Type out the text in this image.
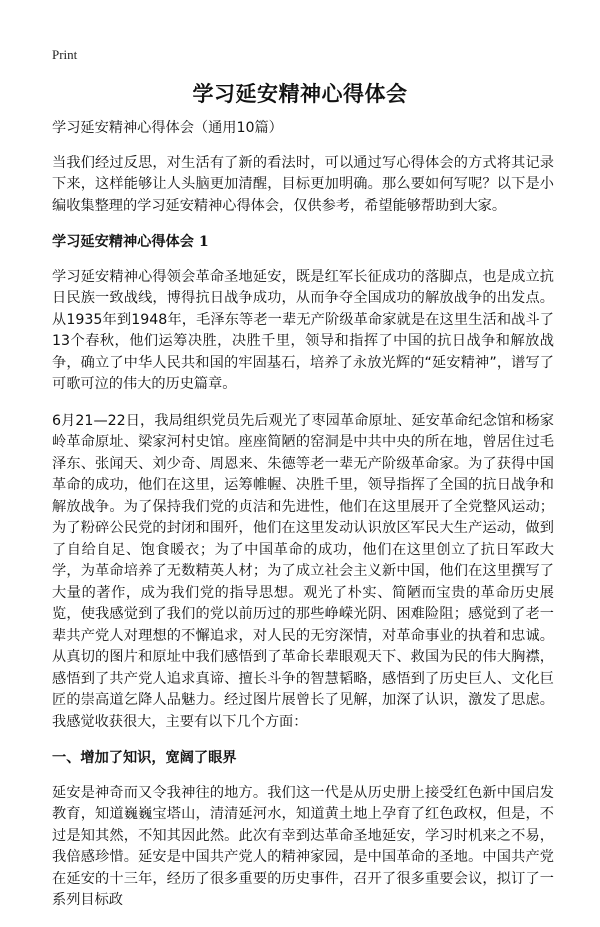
Print
学习延安精神心得体会

学习延安精神心得体会（通用10篇）

当我们经过反思，对生活有了新的看法时，可以通过写心得体会的方式将其记录下来，这样能够让人头脑更加清醒，目标更加明确。那么要如何写呢？以下是小编收集整理的学习延安精神心得体会，仅供参考，希望能够帮助到大家。

学习延安精神心得体会 1

学习延安精神心得领会革命圣地延安，既是红军长征成功的落脚点，也是成立抗日民族一致战线，博得抗日战争成功，从而争夺全国成功的解放战争的出发点。从1935年到1948年，毛泽东等老一辈无产阶级革命家就是在这里生活和战斗了13个春秋，他们运筹决胜，决胜千里，领导和指挥了中国的抗日战争和解放战争，确立了中华人民共和国的牢固基石，培养了永放光辉的“延安精神”，谱写了可歌可泣的伟大的历史篇章。

6月21—22日，我局组织党员先后观光了枣园革命原址、延安革命纪念馆和杨家岭革命原址、梁家河村史馆。座座简陋的窑洞是中共中央的所在地，曾居住过毛泽东、张闻天、刘少奇、周恩来、朱德等老一辈无产阶级革命家。为了获得中国革命的成功，他们在这里，运筹帷幄、决胜千里，领导指挥了全国的抗日战争和解放战争。为了保持我们党的贞洁和先进性，他们在这里展开了全党整风运动；为了粉碎公民党的封闭和围歼，他们在这里发动认识放区军民大生产运动，做到了自给自足、饱食暖衣；为了中国革命的成功，他们在这里创立了抗日军政大学，为革命培养了无数精英人材；为了成立社会主义新中国，他们在这里撰写了大量的著作，成为我们党的指导思想。观光了朴实、简陋而宝贵的革命历史展览，使我感觉到了我们的党以前历过的那些峥嵘光阴、困难险阻；感觉到了老一辈共产党人对理想的不懈追求，对人民的无穷深情，对革命事业的执着和忠诚。从真切的图片和原址中我们感悟到了革命长辈眼观天下、救国为民的伟大胸襟，感悟到了共产党人追求真谛、擅长斗争的智慧韬略，感悟到了历史巨人、文化巨匠的崇高道乞降人品魅力。经过图片展曾长了见解，加深了认识，激发了思虑。我感觉收获很大，主要有以下几个方面：

一、增加了知识，宽阔了眼界

延安是神奇而又令我神往的地方。我们这一代是从历史册上接受红色新中国启发教育，知道巍巍宝塔山，清清延河水，知道黄土地上孕育了红色政权，但是，不过是知其然，不知其因此然。此次有幸到达革命圣地延安，学习时机来之不易，我倍感珍惜。延安是中国共产党人的精神家园，是中国革命的圣地。中国共产党在延安的十三年，经历了很多重要的历史事件，召开了很多重要会议，拟订了一系列目标政
